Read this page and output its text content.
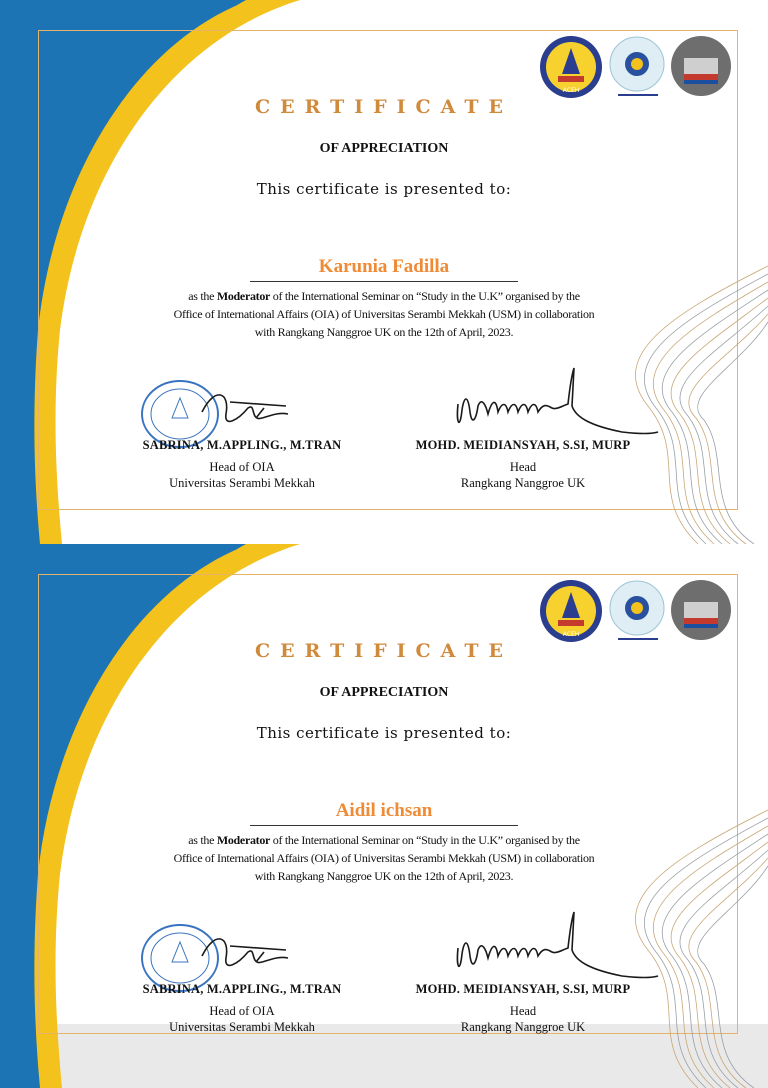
ACEH
CERTIFICATE
OF APPRECIATION
This certificate is presented to:
Karunia Fadilla
as the Moderator of the International Seminar on “Study in the U.K” organised by the
Office of International Affairs (OIA) of Universitas Serambi Mekkah (USM) in collaboration
with Rangkang Nanggroe UK on the 12th of April, 2023.
SABRINA, M.APPLING., M.TRAN
Head of OIA
Universitas Serambi Mekkah
MOHD. MEIDIANSYAH, S.SI, MURP
Head
Rangkang Nanggroe UK
ACEH
CERTIFICATE
OF APPRECIATION
This certificate is presented to:
Aidil ichsan
as the Moderator of the International Seminar on “Study in the U.K” organised by the
Office of International Affairs (OIA) of Universitas Serambi Mekkah (USM) in collaboration
with Rangkang Nanggroe UK on the 12th of April, 2023.
SABRINA, M.APPLING., M.TRAN
Head of OIA
Universitas Serambi Mekkah
MOHD. MEIDIANSYAH, S.SI, MURP
Head
Rangkang Nanggroe UK
